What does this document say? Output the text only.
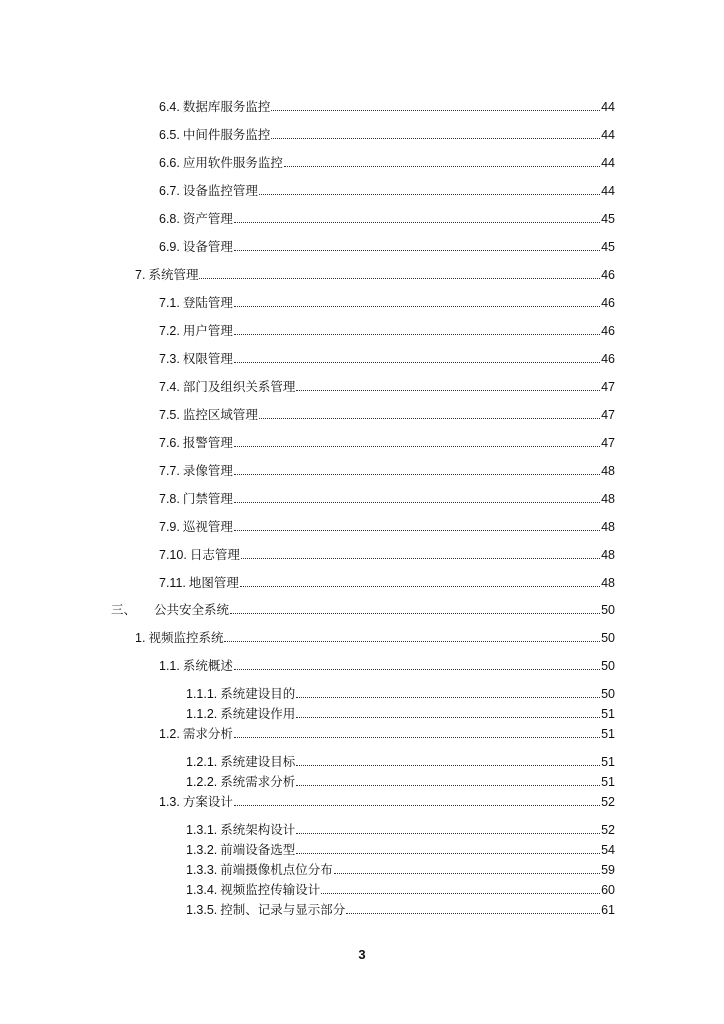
6.4. 数据库服务监控	44
6.5. 中间件服务监控	44
6.6. 应用软件服务监控	44
6.7. 设备监控管理	44
6.8. 资产管理	45
6.9. 设备管理	45
7. 系统管理	46
7.1. 登陆管理	46
7.2. 用户管理	46
7.3. 权限管理	46
7.4. 部门及组织关系管理	47
7.5. 监控区域管理	47
7.6. 报警管理	47
7.7. 录像管理	48
7.8. 门禁管理	48
7.9. 巡视管理	48
7.10. 日志管理	48
7.11. 地图管理	48
三、 公共安全系统	50
1. 视频监控系统	50
1.1. 系统概述	50
1.1.1. 系统建设目的	50
1.1.2. 系统建设作用	51
1.2. 需求分析	51
1.2.1. 系统建设目标	51
1.2.2. 系统需求分析	51
1.3. 方案设计	52
1.3.1. 系统架构设计	52
1.3.2. 前端设备选型	54
1.3.3. 前端摄像机点位分布	59
1.3.4. 视频监控传输设计	60
1.3.5. 控制、记录与显示部分	61
3
